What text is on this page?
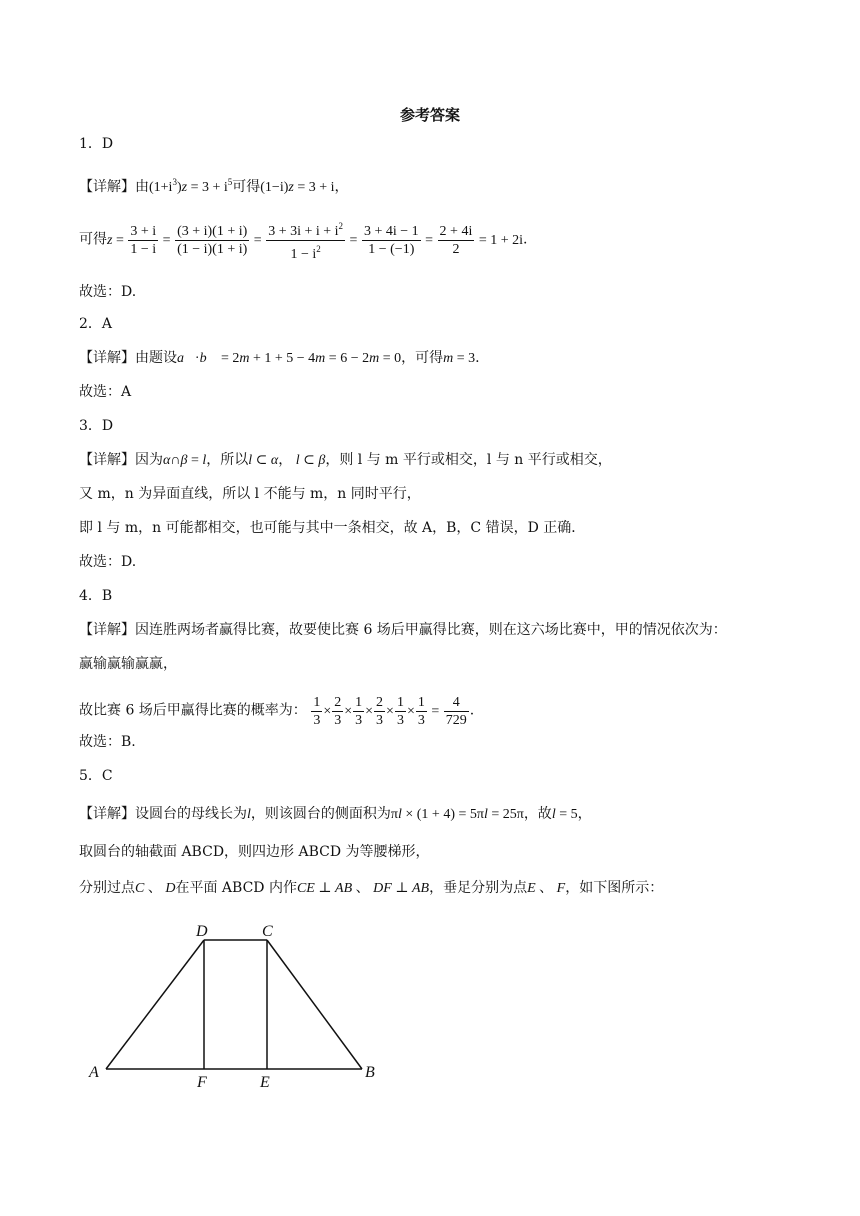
参考答案
1．D
【详解】由$(1+i^3)z = 3 + i^5$可得(1−i)z = 3 + i，
可得$z = \frac{3 + i}{1 - i} = \frac{(3 + i)(1 + i)}{(1 - i)(1 + i)} = \frac{3 + 3i + i + i^2}{1 - i^2} = \frac{3 + 4i - 1}{1 - (-1)} = \frac{2 + 4i}{2} = 1 + 2i$.
故选：D.
2．A
【详解】由题设a⃗·b⃗ = 2m + 1 + 5 − 4m = 6 − 2m = 0，可得m = 3.
故选：A
3．D
【详解】因为α∩β = l，所以l ⊂ α， l ⊂ β，则 l 与 m 平行或相交，l 与 n 平行或相交，
又 m，n 为异面直线，所以 l 不能与 m，n 同时平行，
即 l 与 m，n 可能都相交，也可能与其中一条相交，故 A，B，C 错误，D 正确．
故选：D.
4．B
【详解】因连胜两场者赢得比赛，故要使比赛 6 场后甲赢得比赛，则在这六场比赛中，甲的情况依次为：
赢输赢输赢赢，
故比赛 6 场后甲赢得比赛的概率为： $\frac{1}{3} \times \frac{2}{3} \times \frac{1}{3} \times \frac{2}{3} \times \frac{1}{3} \times \frac{1}{3} = \frac{4}{729}$ .
故选：B.
5．C
【详解】设圆台的母线长为l，则该圆台的侧面积为πl × (1 + 4) = 5πl = 25π，故l = 5，
取圆台的轴截面 ABCD，则四边形 ABCD 为等腰梯形，
分别过点C 、 D在平面 ABCD 内作CE ⊥ AB 、 DF ⊥ AB，垂足分别为点E 、 F，如下图所示：
A	B
C
D
E
F
